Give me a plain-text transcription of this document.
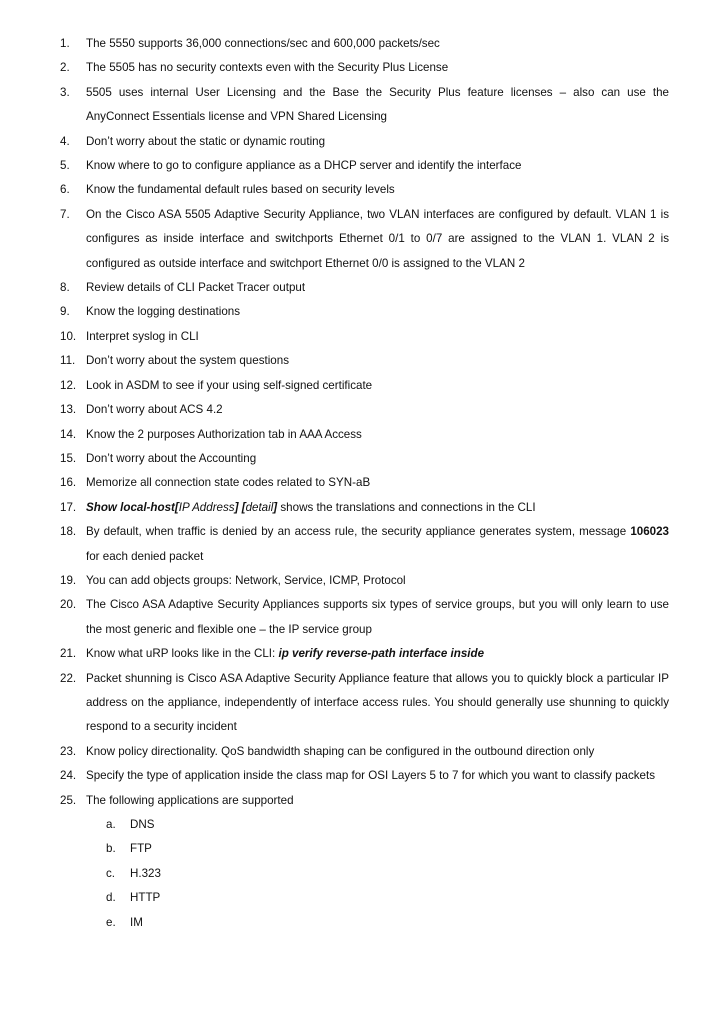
1.	The 5550 supports 36,000 connections/sec and 600,000 packets/sec
2.	The 5505 has no security contexts even with the Security Plus License
3.	5505 uses internal User Licensing and the Base the Security Plus feature licenses – also can use the AnyConnect Essentials license and VPN Shared Licensing
4.	Don’t worry about the static or dynamic routing
5.	Know where to go to configure appliance as a DHCP server and identify the interface
6.	Know the fundamental default rules based on security levels
7.	On the Cisco ASA 5505 Adaptive Security Appliance, two VLAN interfaces are configured by default. VLAN 1 is configures as inside interface and switchports Ethernet 0/1 to 0/7 are assigned to the VLAN 1. VLAN 2 is configured as outside interface and switchport Ethernet 0/0 is assigned to the VLAN 2
8.	Review details of CLI Packet Tracer output
9.	Know the logging destinations
10. Interpret syslog in CLI
11. Don’t worry about the system questions
12. Look in ASDM to see if your using self-signed certificate
13. Don’t worry about ACS 4.2
14. Know the 2 purposes Authorization tab in AAA Access
15. Don’t worry about the Accounting
16. Memorize all connection state codes related to SYN-aB
17. Show local-host[IP Address] [detail] shows the translations and connections in the CLI
18. By default, when traffic is denied by an access rule, the security appliance generates system, message 106023 for each denied packet
19. You can add objects groups: Network, Service, ICMP, Protocol
20. The Cisco ASA Adaptive Security Appliances supports six types of service groups, but you will only learn to use the most generic and flexible one – the IP service group
21. Know what uRP looks like in the CLI: ip verify reverse-path interface inside
22. Packet shunning is Cisco ASA Adaptive Security Appliance feature that allows you to quickly block a particular IP address on the appliance, independently of interface access rules. You should generally use shunning to quickly respond to a security incident
23. Know policy directionality. QoS bandwidth shaping can be configured in the outbound direction only
24. Specify the type of application inside the class map for OSI Layers 5 to 7 for which you want to classify packets
25. The following applications are supported
a.	DNS
b.	FTP
c.	H.323
d.	HTTP
e.	IM
